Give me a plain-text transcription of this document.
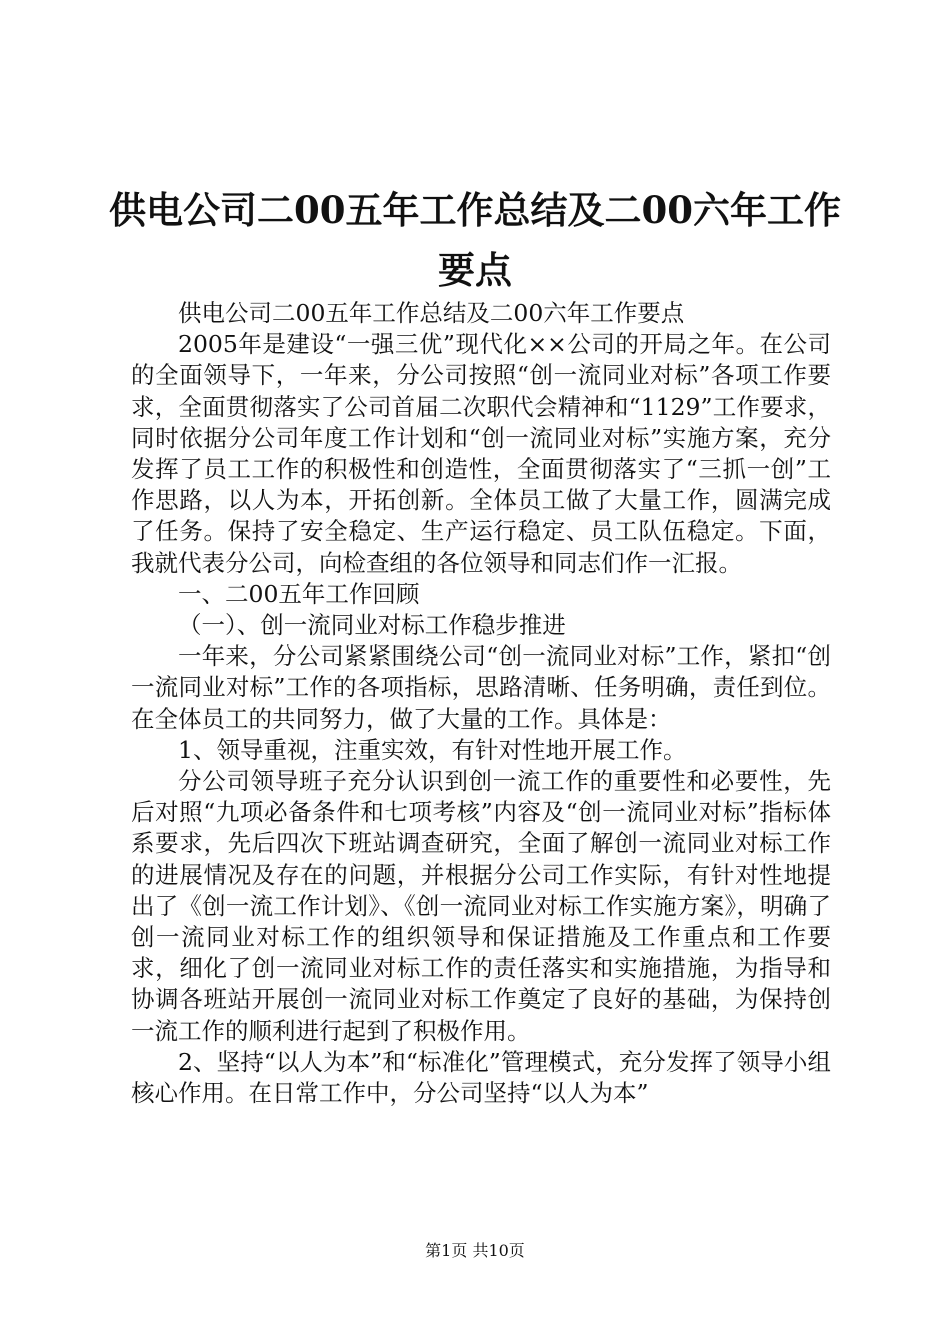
供电公司二00五年工作总结及二00六年工作
要点

供电公司二00五年工作总结及二00六年工作要点

2005年是建设“一强三优”现代化××公司的开局之年。在公司的全面领导下，一年来，分公司按照“创一流同业对标”各项工作要求，全面贯彻落实了公司首届二次职代会精神和“1129”工作要求，同时依据分公司年度工作计划和“创一流同业对标”实施方案，充分发挥了员工工作的积极性和创造性，全面贯彻落实了“三抓一创”工作思路，以人为本，开拓创新。全体员工做了大量工作，圆满完成了任务。保持了安全稳定、生产运行稳定、员工队伍稳定。下面，我就代表分公司，向检查组的各位领导和同志们作一汇报。

一、二00五年工作回顾

（一）、创一流同业对标工作稳步推进

一年来，分公司紧紧围绕公司“创一流同业对标”工作，紧扣“创一流同业对标”工作的各项指标，思路清晰、任务明确，责任到位。在全体员工的共同努力，做了大量的工作。具体是：

1、领导重视，注重实效，有针对性地开展工作。

分公司领导班子充分认识到创一流工作的重要性和必要性，先后对照“九项必备条件和七项考核”内容及“创一流同业对标”指标体系要求，先后四次下班站调查研究，全面了解创一流同业对标工作的进展情况及存在的问题，并根据分公司工作实际，有针对性地提出了《创一流工作计划》、《创一流同业对标工作实施方案》，明确了创一流同业对标工作的组织领导和保证措施及工作重点和工作要求，细化了创一流同业对标工作的责任落实和实施措施，为指导和协调各班站开展创一流同业对标工作奠定了良好的基础，为保持创一流工作的顺利进行起到了积极作用。

2、坚持“以人为本”和“标准化”管理模式，充分发挥了领导小组核心作用。在日常工作中，分公司坚持“以人为本”

第1页 共10页
